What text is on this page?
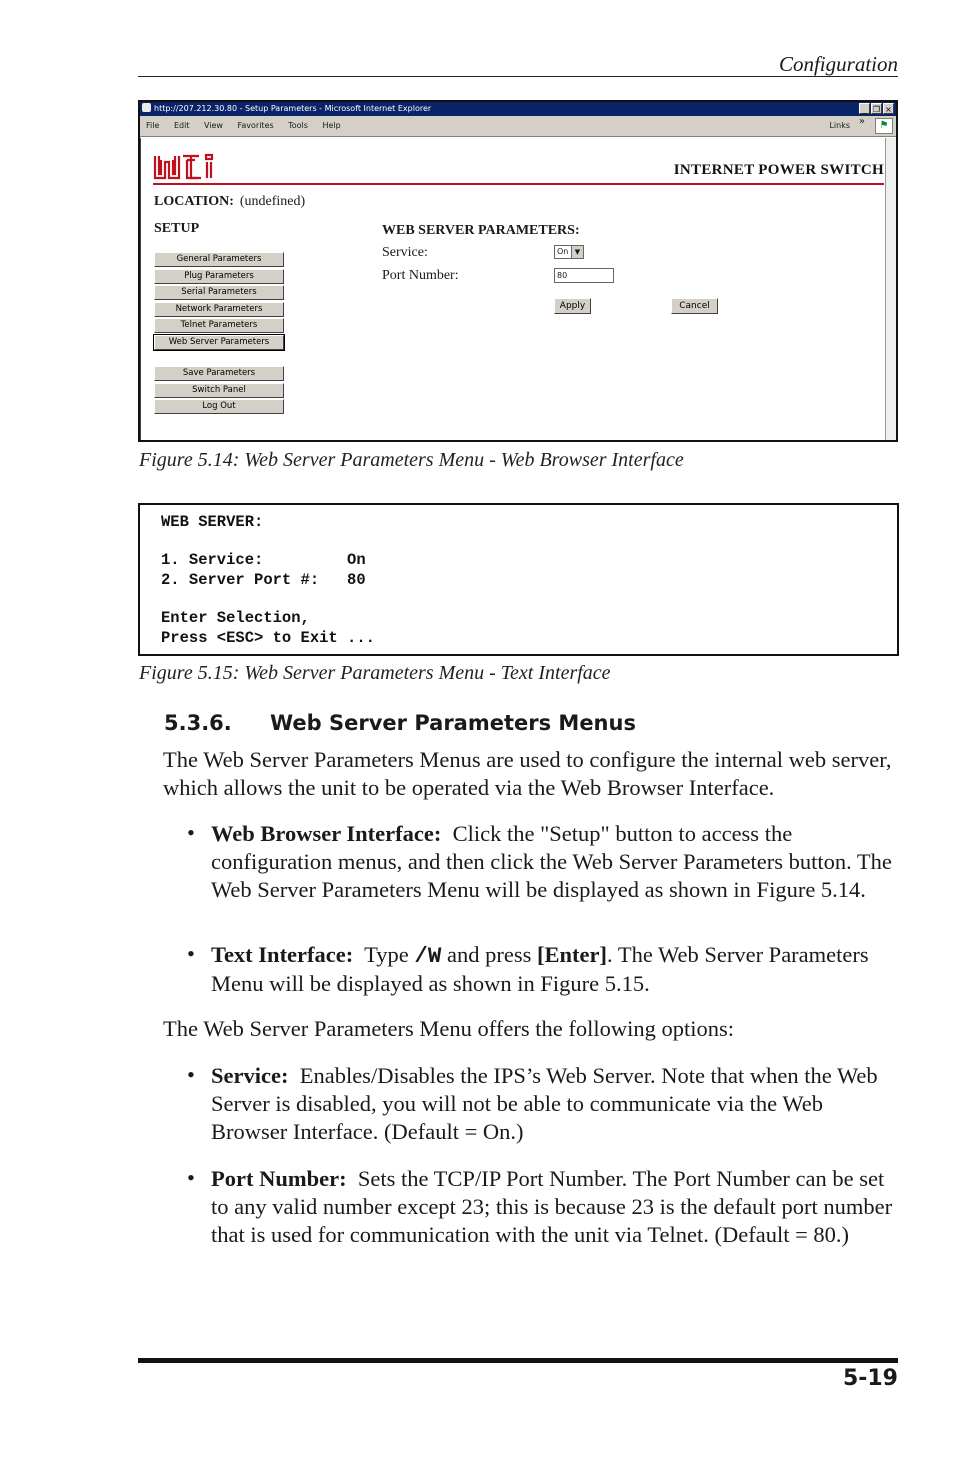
Configuration
http://207.212.30.80 - Setup Parameters - Microsoft Internet Explorer	_ ❐ ×
File Edit View Favorites Tools Help	Links »	⚑
INTERNET POWER SWITCH
LOCATION: (undefined)
SETUP
General Parameters
Plug Parameters
Serial Parameters
Network Parameters
Telnet Parameters
Web Server Parameters
Save Parameters
Switch Panel
Log Out
WEB SERVER PARAMETERS:
Service:	On ▼
Port Number:	80
Apply	Cancel
Figure 5.14: Web Server Parameters Menu - Web Browser Interface
WEB SERVER:
1. Service:         On
2. Server Port #:   80
Enter Selection,
Press <ESC> to Exit ...
Figure 5.15: Web Server Parameters Menu - Text Interface
5.3.6. Web Server Parameters Menus
The Web Server Parameters Menus are used to configure the internal web server, which allows the unit to be operated via the Web Browser Interface.
• Web Browser Interface: Click the "Setup" button to access the configuration menus, and then click the Web Server Parameters button. The Web Server Parameters Menu will be displayed as shown in Figure 5.14.
• Text Interface: Type /W and press [Enter]. The Web Server Parameters Menu will be displayed as shown in Figure 5.15.
The Web Server Parameters Menu offers the following options:
• Service: Enables/Disables the IPS’s Web Server. Note that when the Web Server is disabled, you will not be able to communicate via the Web Browser Interface. (Default = On.)
• Port Number: Sets the TCP/IP Port Number. The Port Number can be set to any valid number except 23; this is because 23 is the default port number that is used for communication with the unit via Telnet. (Default = 80.)
5-19
